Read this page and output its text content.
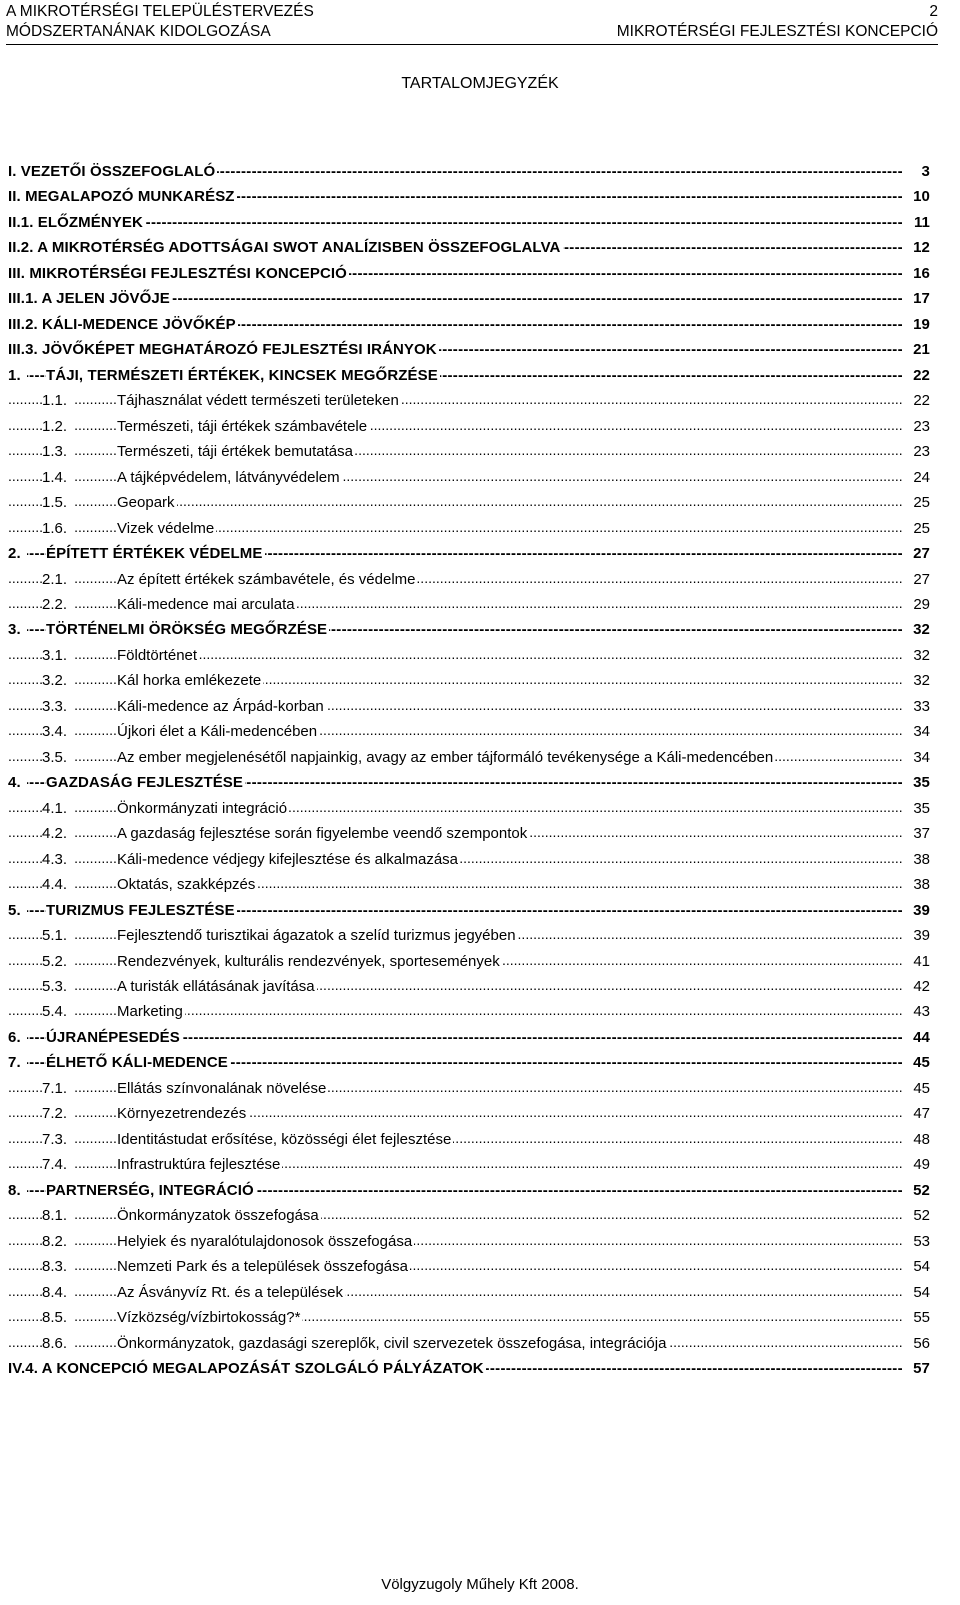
A MIKROTÉRSÉGI TELEPÜLÉSTERVEZÉS	2
MÓDSZERTANÁNAK KIDOLGOZÁSA	MIKROTÉRSÉGI FEJLESZTÉSI KONCEPCIÓ
TARTALOMJEGYZÉK
-----
I. VEZETŐI ÖSSZEFOGLALÓ	3
-----
II. MEGALAPOZÓ MUNKARÉSZ	10
-----
II.1. ELŐZMÉNYEK	11
-----
II.2. A MIKROTÉRSÉG ADOTTSÁGAI SWOT ANALÍZISBEN ÖSSZEFOGLALVA	12
-----
III. MIKROTÉRSÉGI FEJLESZTÉSI KONCEPCIÓ	16
-----
III.1. A JELEN JÖVŐJE	17
-----
III.2. KÁLI-MEDENCE JÖVŐKÉP	19
-----
III.3. JÖVŐKÉPET MEGHATÁROZÓ FEJLESZTÉSI IRÁNYOK	21
-----
1.	TÁJI, TERMÉSZETI ÉRTÉKEK, KINCSEK MEGŐRZÉSE	22
.....
1.1.	Tájhasználat védett természeti területeken	22
.....
1.2.	Természeti, táji értékek számbavétele	23
.....
1.3.	Természeti, táji értékek bemutatása	23
.....
1.4.	A tájképvédelem, látványvédelem	24
.....
1.5.	Geopark	25
.....
1.6.	Vizek védelme	25
-----
2.	ÉPÍTETT ÉRTÉKEK VÉDELME	27
.....
2.1.	Az épített értékek számbavétele, és védelme	27
.....
2.2.	Káli-medence mai arculata	29
-----
3.	TÖRTÉNELMI ÖRÖKSÉG MEGŐRZÉSE	32
.....
3.1.	Földtörténet	32
.....
3.2.	Kál horka emlékezete	32
.....
3.3.	Káli-medence az Árpád-korban	33
.....
3.4.	Újkori élet a Káli-medencében	34
.....
3.5.	Az ember megjelenésétől napjainkig, avagy az ember tájformáló tevékenysége a Káli-medencében	34
-----
4.	GAZDASÁG FEJLESZTÉSE	35
.....
4.1.	Önkormányzati integráció	35
.....
4.2.	A gazdaság fejlesztése során figyelembe veendő szempontok	37
.....
4.3.	Káli-medence védjegy kifejlesztése és alkalmazása	38
.....
4.4.	Oktatás, szakképzés	38
-----
5.	TURIZMUS FEJLESZTÉSE	39
.....
5.1.	Fejlesztendő turisztikai ágazatok a szelíd turizmus jegyében	39
.....
5.2.	Rendezvények, kulturális rendezvények, sportesemények	41
.....
5.3.	A turisták ellátásának javítása	42
.....
5.4.	Marketing	43
-----
6.	ÚJRANÉPESEDÉS	44
-----
7.	ÉLHETŐ KÁLI-MEDENCE	45
.....
7.1.	Ellátás színvonalának növelése	45
.....
7.2.	Környezetrendezés	47
.....
7.3.	Identitástudat erősítése, közösségi élet fejlesztése	48
.....
7.4.	Infrastruktúra fejlesztése	49
-----
8.	PARTNERSÉG, INTEGRÁCIÓ	52
.....
8.1.	Önkormányzatok összefogása	52
.....
8.2.	Helyiek és nyaralótulajdonosok összefogása	53
.....
8.3.	Nemzeti Park és a települések összefogása	54
.....
8.4.	Az Ásványvíz Rt. és a települések	54
.....
8.5.	Vízközség/vízbirtokosság?*	55
.....
8.6.	Önkormányzatok, gazdasági szereplők, civil szervezetek összefogása, integrációja	56
-----
IV.4. A KONCEPCIÓ MEGALAPOZÁSÁT SZOLGÁLÓ PÁLYÁZATOK	57
Völgyzugoly Műhely Kft 2008.
